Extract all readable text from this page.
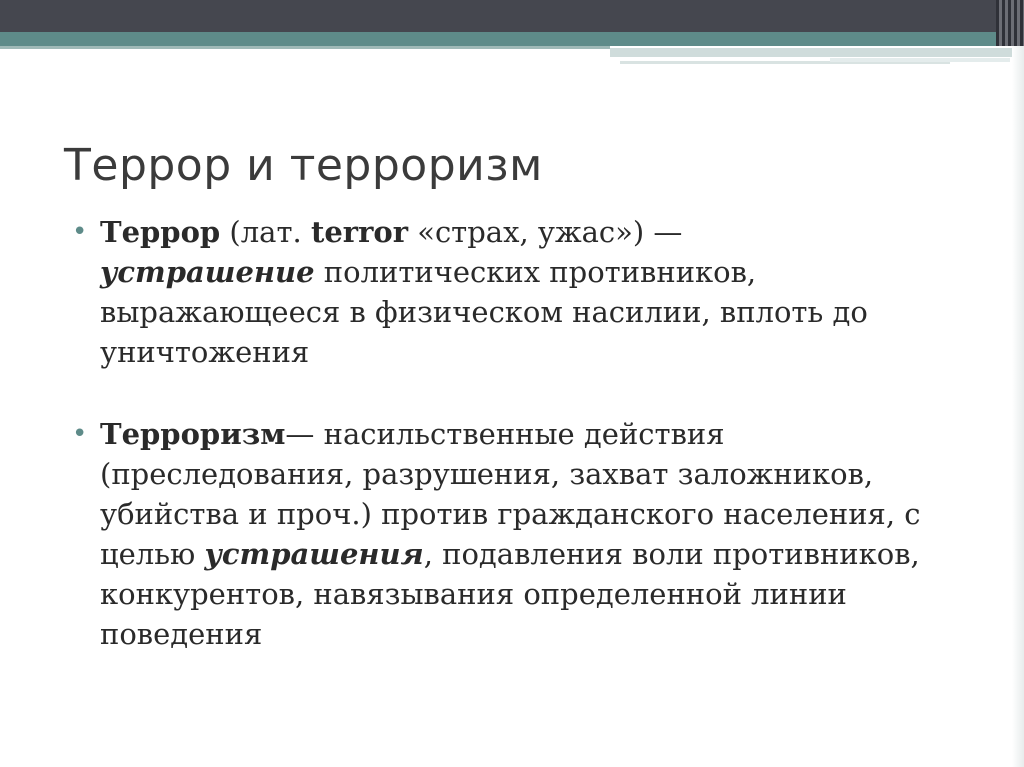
Террор и терроризм
• Террор (лат. terror «страх, ужас») —
устрашение политических противников, выражающееся в физическом насилии, вплоть до уничтожения
• Терроризм— насильственные действия (преследования, разрушения, захват заложников, убийства и проч.) против гражданского населения, с целью устрашения, подавления воли противников, конкурентов, навязывания определенной линии поведения
